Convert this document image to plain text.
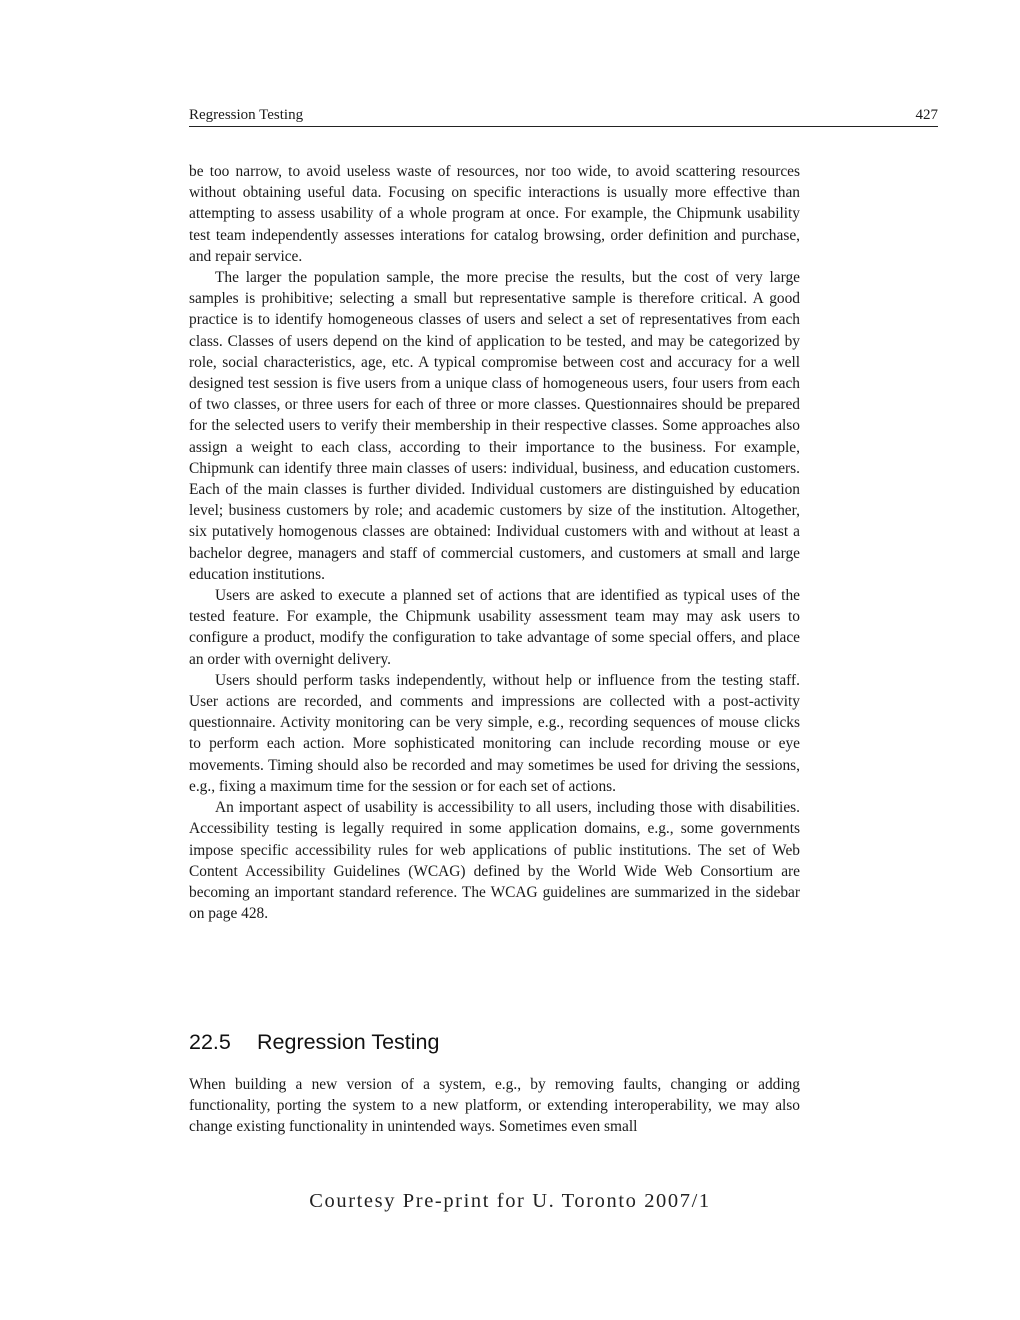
Regression Testing	427

be too narrow, to avoid useless waste of resources, nor too wide, to avoid scattering resources without obtaining useful data. Focusing on specific interactions is usually more effective than attempting to assess usability of a whole program at once. For example, the Chipmunk usability test team independently assesses interations for catalog browsing, order definition and purchase, and repair service.

The larger the population sample, the more precise the results, but the cost of very large samples is prohibitive; selecting a small but representative sample is therefore critical. A good practice is to identify homogeneous classes of users and select a set of representatives from each class. Classes of users depend on the kind of application to be tested, and may be categorized by role, social characteristics, age, etc. A typical compromise between cost and accuracy for a well designed test session is five users from a unique class of homogeneous users, four users from each of two classes, or three users for each of three or more classes. Questionnaires should be prepared for the selected users to verify their membership in their respective classes. Some approaches also assign a weight to each class, according to their importance to the business. For example, Chipmunk can identify three main classes of users: individual, business, and education customers. Each of the main classes is further divided. Individual customers are distinguished by education level; business customers by role; and academic customers by size of the institution. Altogether, six putatively homogenous classes are obtained: Individual customers with and without at least a bachelor degree, managers and staff of commercial customers, and customers at small and large education institutions.

Users are asked to execute a planned set of actions that are identified as typical uses of the tested feature. For example, the Chipmunk usability assessment team may may ask users to configure a product, modify the configuration to take advantage of some special offers, and place an order with overnight delivery.

Users should perform tasks independently, without help or influence from the testing staff. User actions are recorded, and comments and impressions are collected with a post-activity questionnaire. Activity monitoring can be very simple, e.g., recording sequences of mouse clicks to perform each action. More sophisticated monitoring can include recording mouse or eye movements. Timing should also be recorded and may sometimes be used for driving the sessions, e.g., fixing a maximum time for the session or for each set of actions.

An important aspect of usability is accessibility to all users, including those with disabilities. Accessibility testing is legally required in some application domains, e.g., some governments impose specific accessibility rules for web applications of public institutions. The set of Web Content Accessibility Guidelines (WCAG) defined by the World Wide Web Consortium are becoming an important standard reference. The WCAG guidelines are summarized in the sidebar on page 428.

22.5 Regression Testing

When building a new version of a system, e.g., by removing faults, changing or adding functionality, porting the system to a new platform, or extending interoperability, we may also change existing functionality in unintended ways. Sometimes even small

Courtesy Pre-print for U. Toronto 2007/1
